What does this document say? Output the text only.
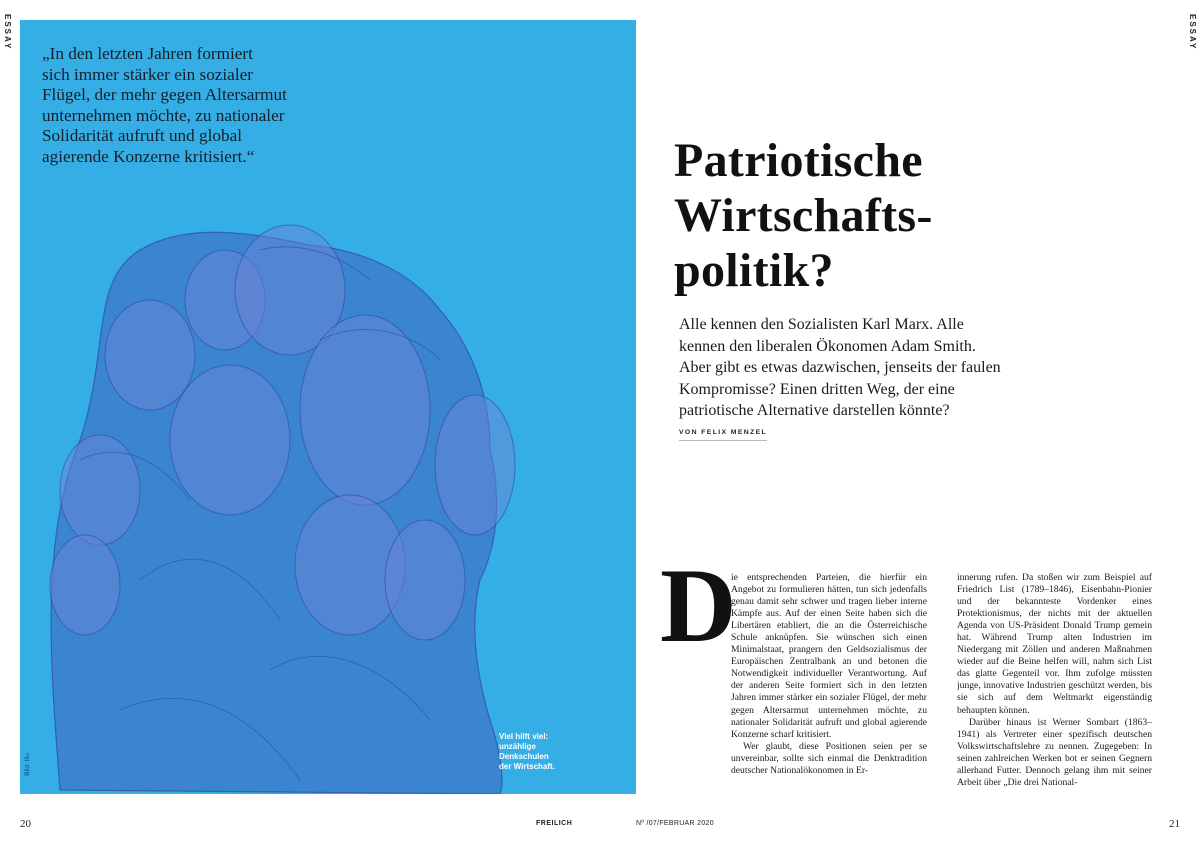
ESSAY	ESSAY

„In den letzten Jahren formiert
sich immer stärker ein sozialer
Flügel, der mehr gegen Altersarmut
unternehmen möchte, zu nationaler
Solidarität aufruft und global
agierende Konzerne kritisiert.“

Viel hilft viel:
unzählige
Denkschulen
der Wirtschaft.
Bild: Illu
Patriotische
Wirtschafts-
politik?

Alle kennen den Sozialisten Karl Marx. Alle kennen den liberalen Ökonomen Adam Smith. Aber gibt es etwas dazwischen, jenseits der faulen Kompromisse? Einen dritten Weg, der eine patriotische Alternative darstellen könnte?

VON FELIX MENZEL
D

ie entsprechenden Parteien, die hierfür ein Angebot zu formulieren hätten, tun sich jedenfalls genau damit sehr schwer und tragen lieber interne Kämpfe aus. Auf der einen Seite haben sich die Libertären etabliert, die an die Österreichische Schule anknüpfen. Sie wünschen sich einen Minimalstaat, prangern den Geldsozialismus der Europäischen Zentralbank an und betonen die Notwendigkeit individueller Verantwortung. Auf der anderen Seite formiert sich in den letzten Jahren immer stärker ein sozialer Flügel, der mehr gegen Altersarmut unternehmen möchte, zu nationaler Solidarität aufruft und global agierende Konzerne scharf kritisiert.

Wer glaubt, diese Positionen seien per se unvereinbar, sollte sich einmal die Denktradition deutscher Nationalökonomen in Er-

innerung rufen. Da stoßen wir zum Beispiel auf Friedrich List (1789–1846), Eisenbahn-Pionier und der bekannteste Vordenker eines Protektionismus, der nichts mit der aktuellen Agenda von US-Präsident Donald Trump gemein hat. Während Trump alten Industrien im Niedergang mit Zöllen und anderen Maßnahmen wieder auf die Beine helfen will, nahm sich List das glatte Gegenteil vor. Ihm zufolge müssten junge, innovative Industrien geschützt werden, bis sie sich auf dem Weltmarkt eigenständig behaupten können.

Darüber hinaus ist Werner Sombart (1863–1941) als Vertreter einer spezifisch deutschen Volkswirtschaftslehre zu nennen. Zugegeben: In seinen zahlreichen Werken bot er seinen Gegnern allerhand Futter. Dennoch gelang ihm mit seiner Arbeit über „Die drei National-

20	FREILICH	Nº /07/FEBRUAR 2020	21
